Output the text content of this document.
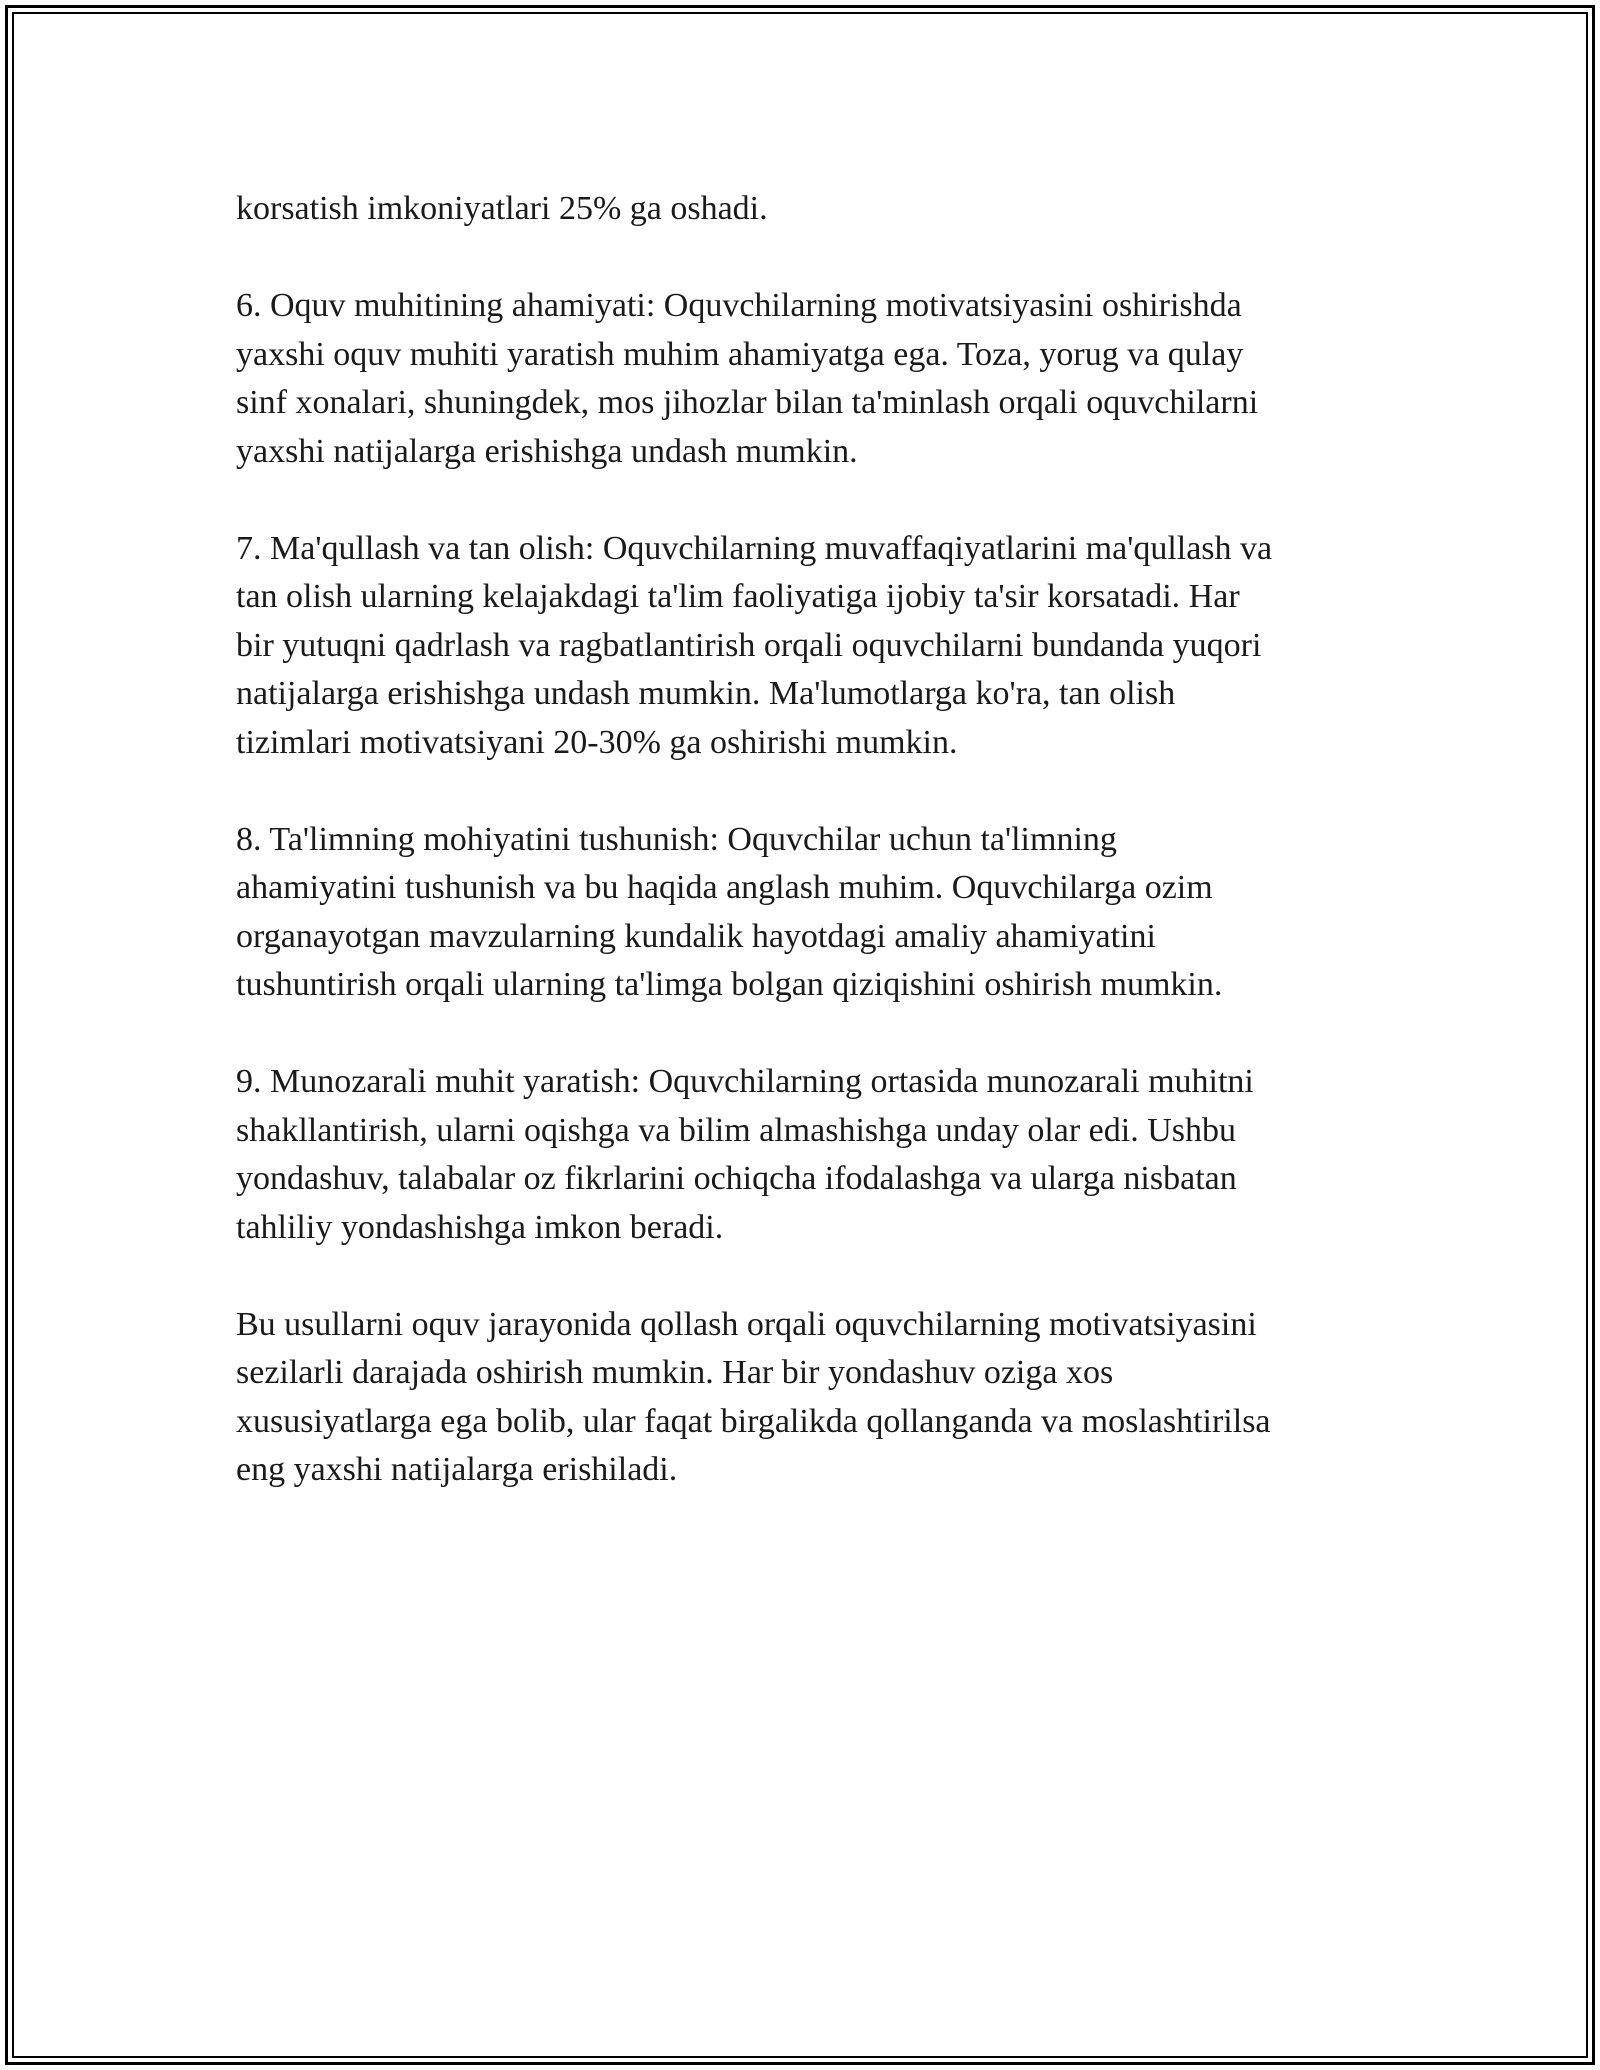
korsatish imkoniyatlari 25% ga oshadi.

6. Oquv muhitining ahamiyati: Oquvchilarning motivatsiyasini oshirishda
yaxshi oquv muhiti yaratish muhim ahamiyatga ega. Toza, yorug va qulay
sinf xonalari, shuningdek, mos jihozlar bilan ta'minlash orqali oquvchilarni
yaxshi natijalarga erishishga undash mumkin.

7. Ma'qullash va tan olish: Oquvchilarning muvaffaqiyatlarini ma'qullash va
tan olish ularning kelajakdagi ta'lim faoliyatiga ijobiy ta'sir korsatadi. Har
bir yutuqni qadrlash va ragbatlantirish orqali oquvchilarni bundanda yuqori
natijalarga erishishga undash mumkin. Ma'lumotlarga ko'ra, tan olish
tizimlari motivatsiyani 20-30% ga oshirishi mumkin.

8. Ta'limning mohiyatini tushunish: Oquvchilar uchun ta'limning
ahamiyatini tushunish va bu haqida anglash muhim. Oquvchilarga ozim
organayotgan mavzularning kundalik hayotdagi amaliy ahamiyatini
tushuntirish orqali ularning ta'limga bolgan qiziqishini oshirish mumkin.

9. Munozarali muhit yaratish: Oquvchilarning ortasida munozarali muhitni
shakllantirish, ularni oqishga va bilim almashishga unday olar edi. Ushbu
yondashuv, talabalar oz fikrlarini ochiqcha ifodalashga va ularga nisbatan
tahliliy yondashishga imkon beradi.

Bu usullarni oquv jarayonida qollash orqali oquvchilarning motivatsiyasini
sezilarli darajada oshirish mumkin. Har bir yondashuv oziga xos
xususiyatlarga ega bolib, ular faqat birgalikda qollanganda va moslashtirilsa
eng yaxshi natijalarga erishiladi.
